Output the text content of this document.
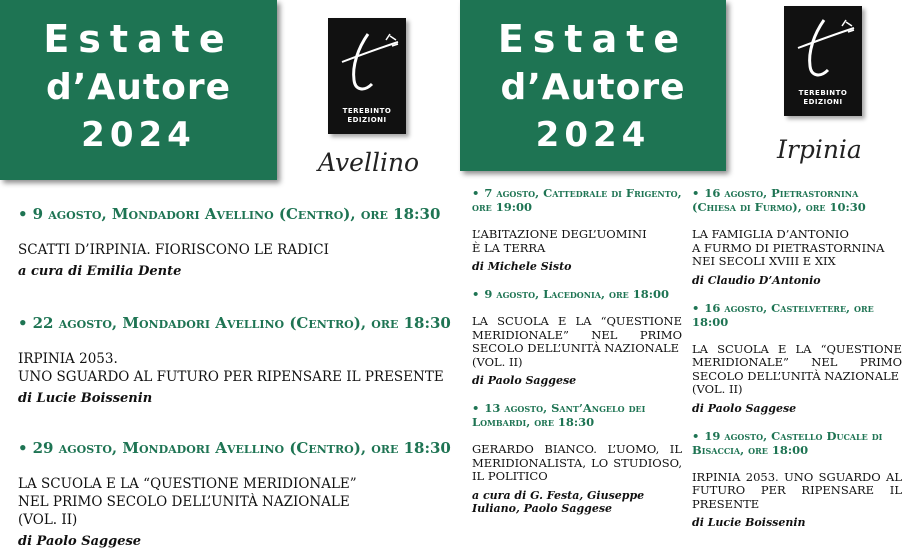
Estate
d’Autore
2024
TEREBINTO
EDIZIONI
Avellino
• 9 agosto, Mondadori Avellino (Centro), ore 18:30
SCATTI D’IRPINIA. FIORISCONO LE RADICI
a cura di Emilia Dente
• 22 agosto, Mondadori Avellino (Centro), ore 18:30
IRPINIA 2053.
UNO SGUARDO AL FUTURO PER RIPENSARE IL PRESENTE
di Lucie Boissenin
• 29 agosto, Mondadori Avellino (Centro), ore 18:30
LA SCUOLA E LA “QUESTIONE MERIDIONALE”
NEL PRIMO SECOLO DELL’UNITÀ NAZIONALE
(VOL. II)
di Paolo Saggese
Estate
d’Autore
2024
TEREBINTO
EDIZIONI
Irpinia
• 7 agosto, Cattedrale di Frigento, ore 19:00
L’ABITAZIONE DEGL’UOMINI
È LA TERRA
di Michele Sisto
• 9 agosto, Lacedonia, ore 18:00
LA SCUOLA E LA “QUESTIONE MERIDIONALE” NEL PRIMO SECOLO DELL’UNITÀ NAZIONALE
(VOL. II)
di Paolo Saggese
• 13 agosto, Sant’Angelo dei Lombardi, ore 18:30
GERARDO BIANCO. L’UOMO, IL MERIDIONALISTA, LO STUDIOSO, IL POLITICO
a cura di G. Festa, Giuseppe Iuliano, Paolo Saggese
• 16 agosto, Pietrastornina (Chiesa di Furmo), ore 10:30
LA FAMIGLIA D’ANTONIO
A FURMO DI PIETRASTORNINA
NEI SECOLI XVIII E XIX
di Claudio D’Antonio
• 16 agosto, Castelvetere, ore 18:00
LA SCUOLA E LA “QUESTIONE MERIDIONALE” NEL PRIMO SECOLO DELL’UNITÀ NAZIONALE
(VOL. II)
di Paolo Saggese
• 19 agosto, Castello Ducale di Bisaccia, ore 18:00
IRPINIA 2053. UNO SGUARDO AL FUTURO PER RIPENSARE IL PRESENTE
di Lucie Boissenin
